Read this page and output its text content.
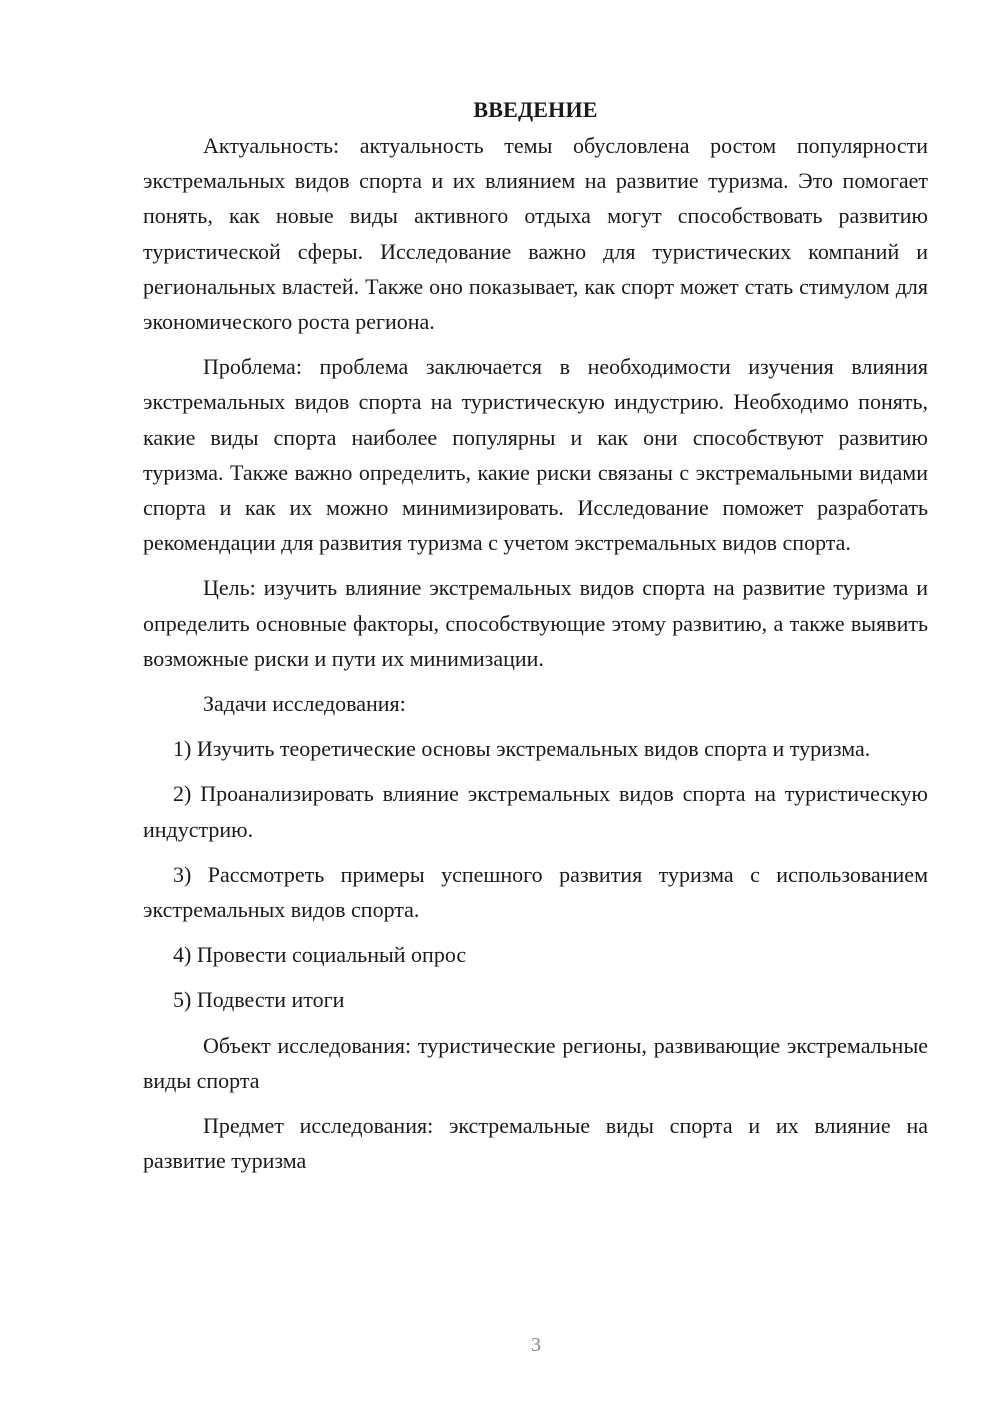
ВВЕДЕНИЕ

Актуальность: актуальность темы обусловлена ростом популярности экстремальных видов спорта и их влиянием на развитие туризма. Это помогает понять, как новые виды активного отдыха могут способствовать развитию туристической сферы. Исследование важно для туристических компаний и региональных властей. Также оно показывает, как спорт может стать стимулом для экономического роста региона.

Проблема: проблема заключается в необходимости изучения влияния экстремальных видов спорта на туристическую индустрию. Необходимо понять, какие виды спорта наиболее популярны и как они способствуют развитию туризма. Также важно определить, какие риски связаны с экстремальными видами спорта и как их можно минимизировать. Исследование поможет разработать рекомендации для развития туризма с учетом экстремальных видов спорта.

Цель: изучить влияние экстремальных видов спорта на развитие туризма и определить основные факторы, способствующие этому развитию, а также выявить возможные риски и пути их минимизации.

Задачи исследования:

1) Изучить теоретические основы экстремальных видов спорта и туризма.

2) Проанализировать влияние экстремальных видов спорта на туристическую индустрию.

3) Рассмотреть примеры успешного развития туризма с использованием экстремальных видов спорта.

4) Провести социальный опрос

5) Подвести итоги

Объект исследования: туристические регионы, развивающие экстремальные виды спорта

Предмет исследования: экстремальные виды спорта и их влияние на развитие туризма

3
